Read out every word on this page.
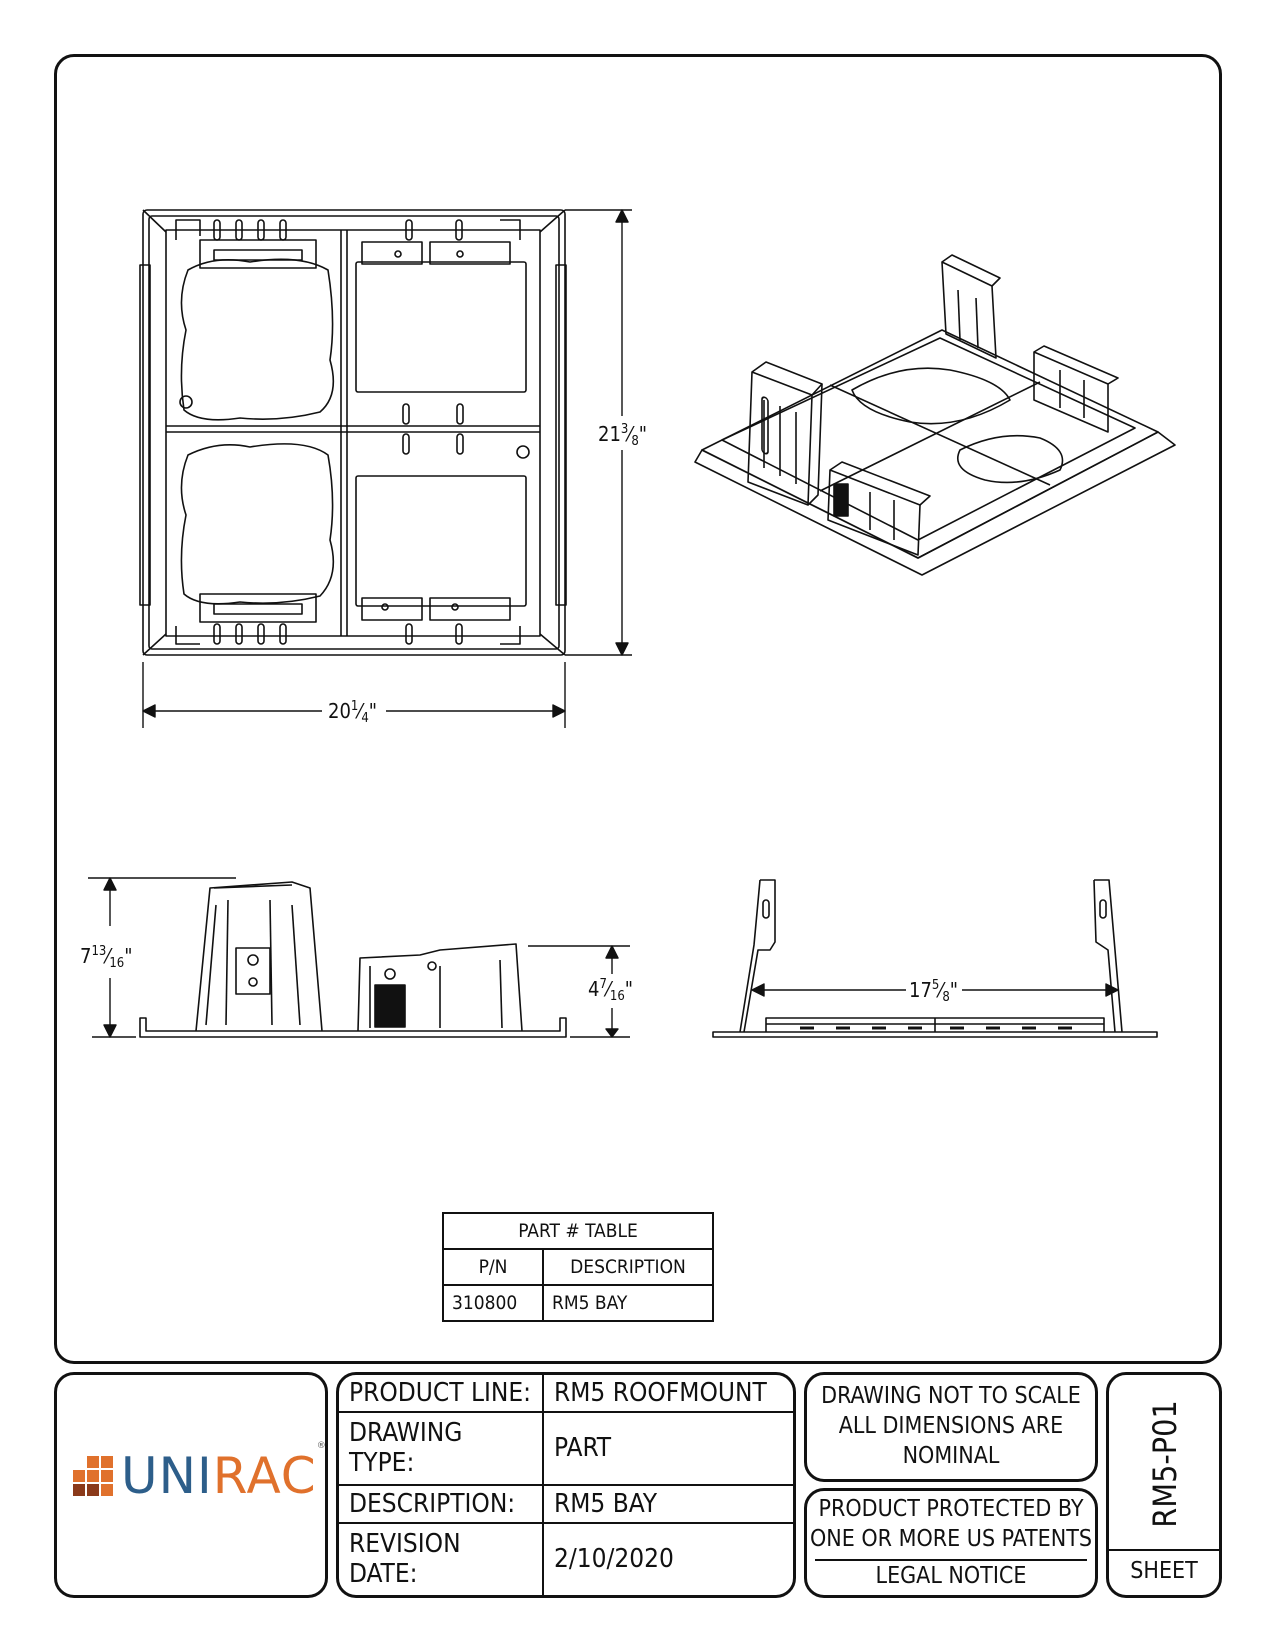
$21^3⁄_8$"
$20^1⁄_4$"
$7^{13}⁄_{16}$"
$4^7⁄_{16}$"	$17^5⁄_8$"
PART # TABLE	
P/N	DESCRIPTION
310800	RM5 BAY
UNIRAC®
PRODUCT LINE:	RM5 ROOFMOUNT
DRAWING TYPE:	PART
DESCRIPTION:	RM5 BAY
REVISION DATE:	2/10/2020
DRAWING NOT TO SCALE
ALL DIMENSIONS ARE
NOMINAL
PRODUCT PROTECTED BY
ONE OR MORE US PATENTS
LEGAL NOTICE
RM5-P01
SHEET
